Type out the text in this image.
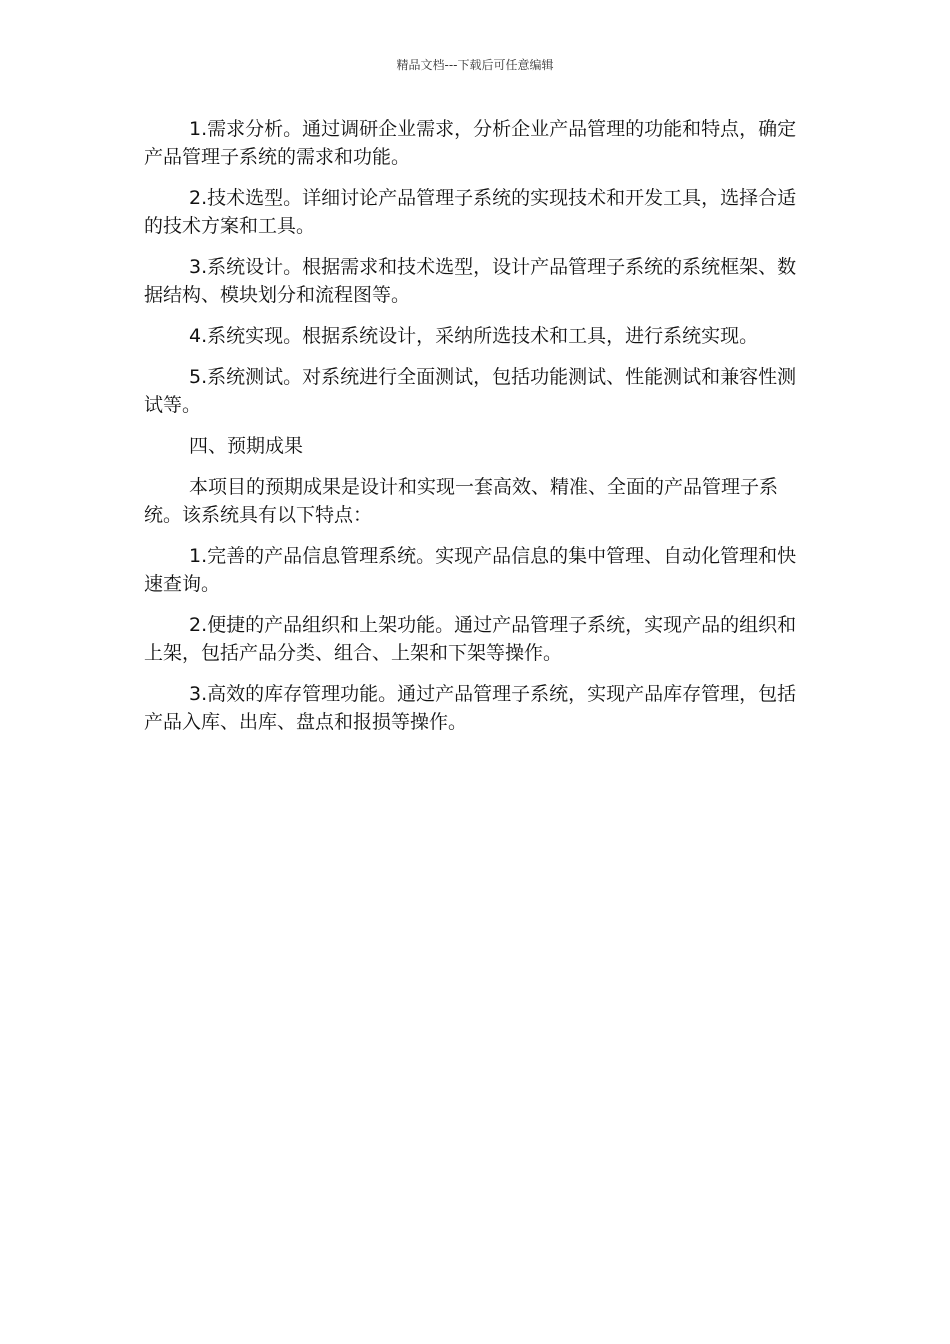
精品文档---下载后可任意编辑

1.需求分析。通过调研企业需求，分析企业产品管理的功能和特点，确定产品管理子系统的需求和功能。

2.技术选型。详细讨论产品管理子系统的实现技术和开发工具，选择合适的技术方案和工具。

3.系统设计。根据需求和技术选型，设计产品管理子系统的系统框架、数据结构、模块划分和流程图等。

4.系统实现。根据系统设计，采纳所选技术和工具，进行系统实现。

5.系统测试。对系统进行全面测试，包括功能测试、性能测试和兼容性测试等。

四、预期成果

本项目的预期成果是设计和实现一套高效、精准、全面的产品管理子系统。该系统具有以下特点：

1.完善的产品信息管理系统。实现产品信息的集中管理、自动化管理和快速查询。

2.便捷的产品组织和上架功能。通过产品管理子系统，实现产品的组织和上架，包括产品分类、组合、上架和下架等操作。

3.高效的库存管理功能。通过产品管理子系统，实现产品库存管理，包括产品入库、出库、盘点和报损等操作。
